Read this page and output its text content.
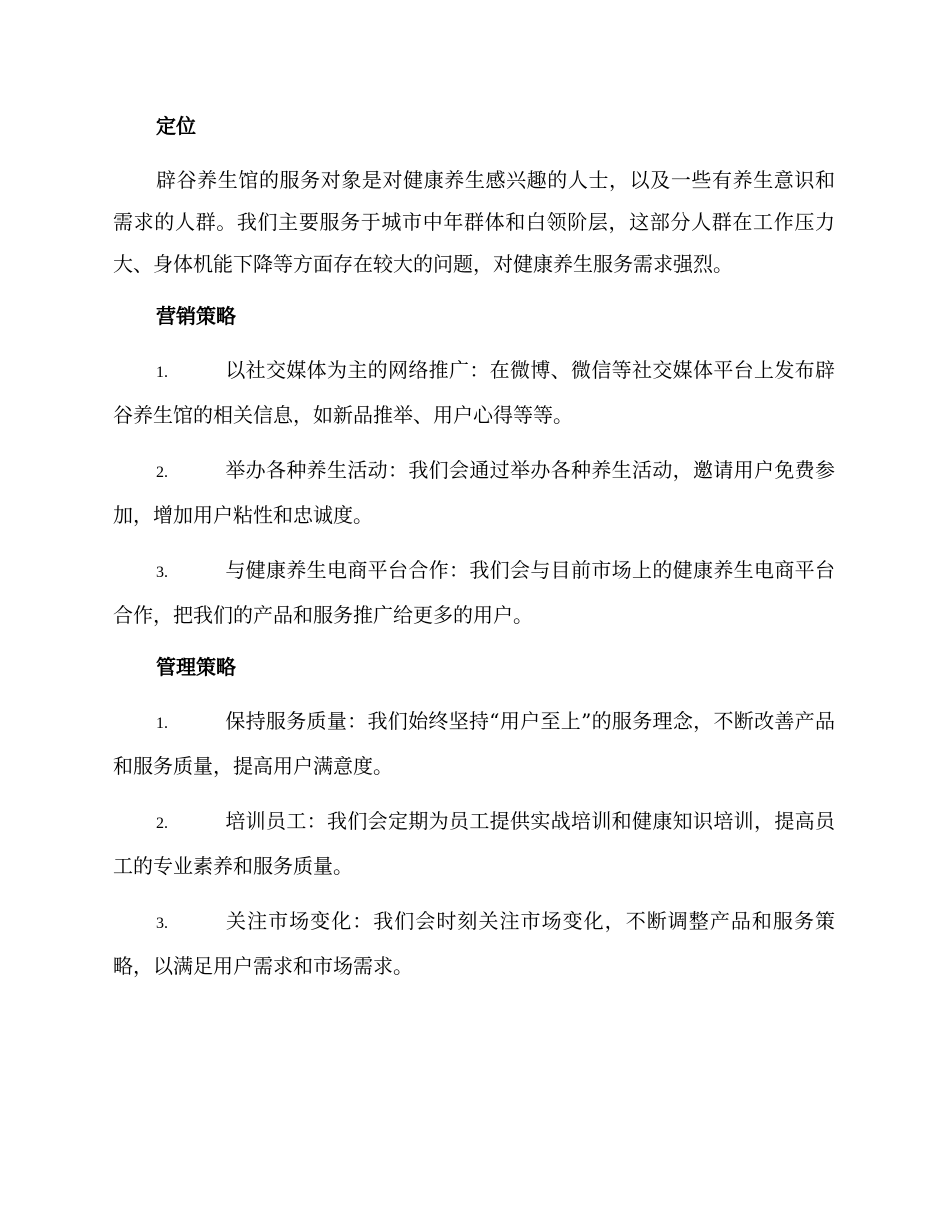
定位

辟谷养生馆的服务对象是对健康养生感兴趣的人士，以及一些有养生意识和需求的人群。我们主要服务于城市中年群体和白领阶层，这部分人群在工作压力大、身体机能下降等方面存在较大的问题，对健康养生服务需求强烈。

营销策略

1.	以社交媒体为主的网络推广：在微博、微信等社交媒体平台上发布辟谷养生馆的相关信息，如新品推举、用户心得等等。

2.	举办各种养生活动：我们会通过举办各种养生活动，邀请用户免费参加，增加用户粘性和忠诚度。

3.	与健康养生电商平台合作：我们会与目前市场上的健康养生电商平台合作，把我们的产品和服务推广给更多的用户。

管理策略

1.	保持服务质量：我们始终坚持“用户至上”的服务理念，不断改善产品和服务质量，提高用户满意度。

2.	培训员工：我们会定期为员工提供实战培训和健康知识培训，提高员工的专业素养和服务质量。

3.	关注市场变化：我们会时刻关注市场变化，不断调整产品和服务策略，以满足用户需求和市场需求。
